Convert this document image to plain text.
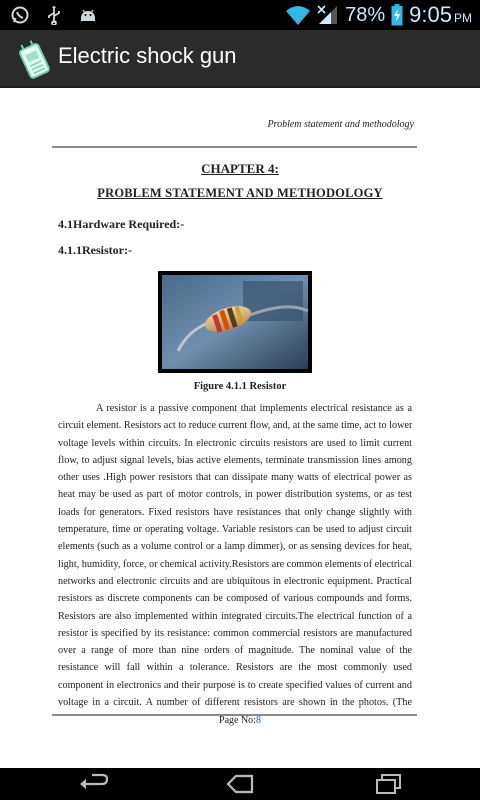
78% 9:05 PM
Electric shock gun
Problem statement and methodology
CHAPTER 4:
PROBLEM STATEMENT AND METHODOLOGY
4.1Hardware Required:-
4.1.1Resistor:-
Figure 4.1.1 Resistor
A resistor is a passive component that implements electrical resistance as a
circuit element. Resistors act to reduce current flow, and, at the same time, act to lower
voltage levels within circuits. In electronic circuits resistors are used to limit current
flow, to adjust signal levels, bias active elements, terminate transmission lines among
other uses .High power resistors that can dissipate many watts of electrical power as
heat may be used as part of motor controls, in power distribution systems, or as test
loads for generators. Fixed resistors have resistances that only change slightly with
temperature, time or operating voltage. Variable resistors can be used to adjust circuit
elements (such as a volume control or a lamp dimmer), or as sensing devices for heat,
light, humidity, force, or chemical activity.Resistors are common elements of electrical
networks and electronic circuits and are ubiquitous in electronic equipment. Practical
resistors as discrete components can be composed of various compounds and forms.
Resistors are also implemented within integrated circuits.The electrical function of a
resistor is specified by its resistance: common commercial resistors are manufactured
over a range of more than nine orders of magnitude. The nominal value of the
resistance will fall within a tolerance. Resistors are the most commonly used
component in electronics and their purpose is to create specified values of current and
voltage in a circuit. A number of different resistors are shown in the photos. (The
Page No:8
